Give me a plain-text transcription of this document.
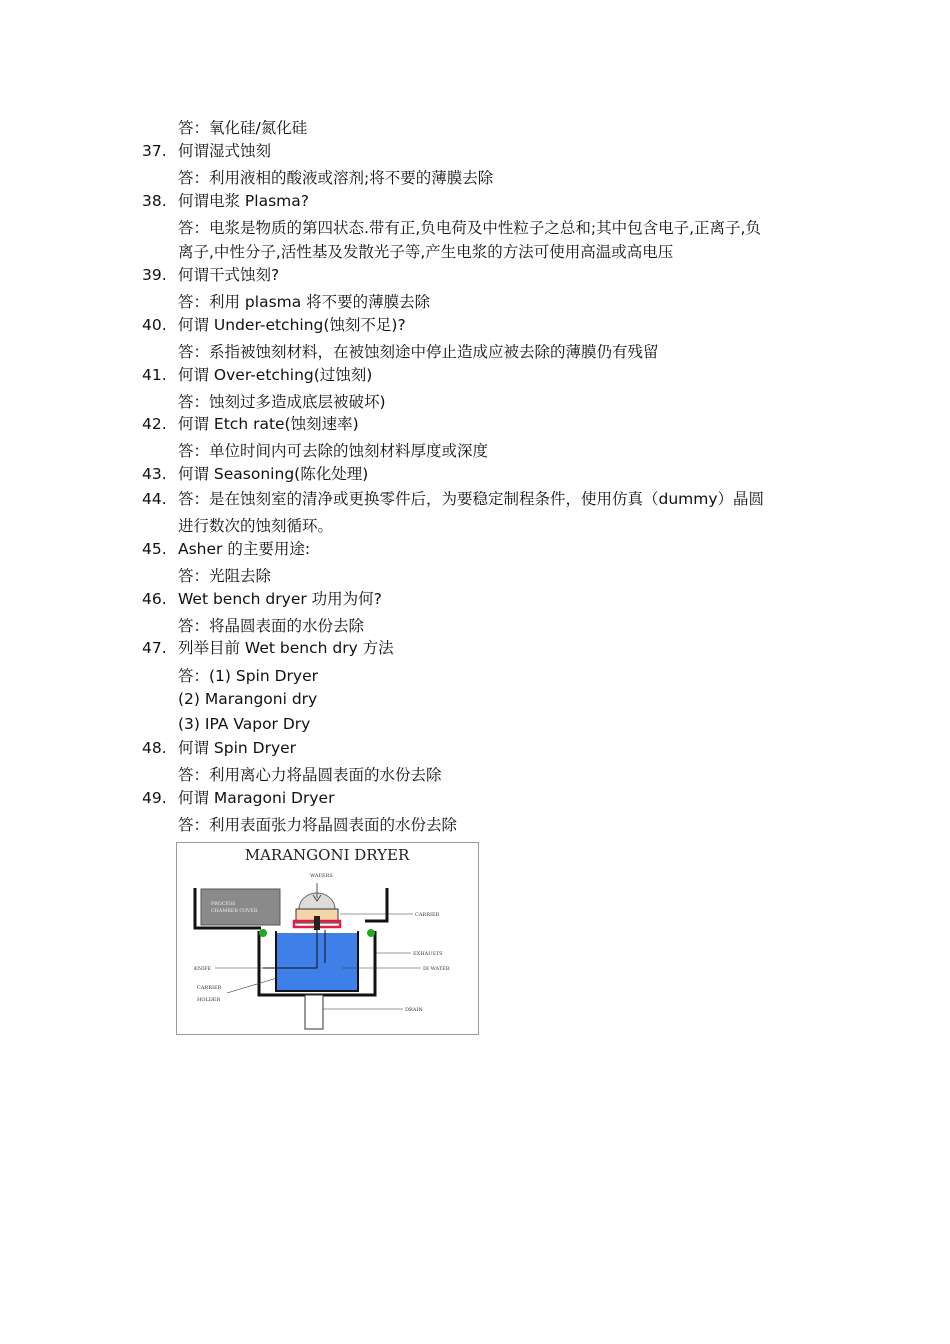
答：氧化硅/氮化硅
37. 何谓湿式蚀刻
答：利用液相的酸液或溶剂;将不要的薄膜去除
38. 何谓电浆 Plasma?
答：电浆是物质的第四状态.带有正,负电荷及中性粒子之总和;其中包含电子,正离子,负
离子,中性分子,活性基及发散光子等,产生电浆的方法可使用高温或高电压
39. 何谓干式蚀刻?
答：利用 plasma 将不要的薄膜去除
40. 何谓 Under-etching(蚀刻不足)?
答：系指被蚀刻材料，在被蚀刻途中停止造成应被去除的薄膜仍有残留
41. 何谓 Over-etching(过蚀刻)
答：蚀刻过多造成底层被破坏)
42. 何谓 Etch rate(蚀刻速率)
答：单位时间内可去除的蚀刻材料厚度或深度
43. 何谓 Seasoning(陈化处理)
44. 答：是在蚀刻室的清净或更换零件后，为要稳定制程条件，使用仿真（dummy）晶圆
进行数次的蚀刻循环。
45. Asher 的主要用途:
答：光阻去除
46. Wet bench dryer 功用为何?
答：将晶圆表面的水份去除
47. 列举目前 Wet bench dry 方法
答：(1) Spin Dryer
(2) Marangoni dry
(3) IPA Vapor Dry
48. 何谓 Spin Dryer
答：利用离心力将晶圆表面的水份去除
49. 何谓 Maragoni Dryer
答：利用表面张力将晶圆表面的水份去除
MARANGONI DRYER
PROCESS
CHAMBER COVER
WAFERS
CARRIER
EXHAUSTS
DI WATER
KNIFE
CARRIER
HOLDER
DRAIN
